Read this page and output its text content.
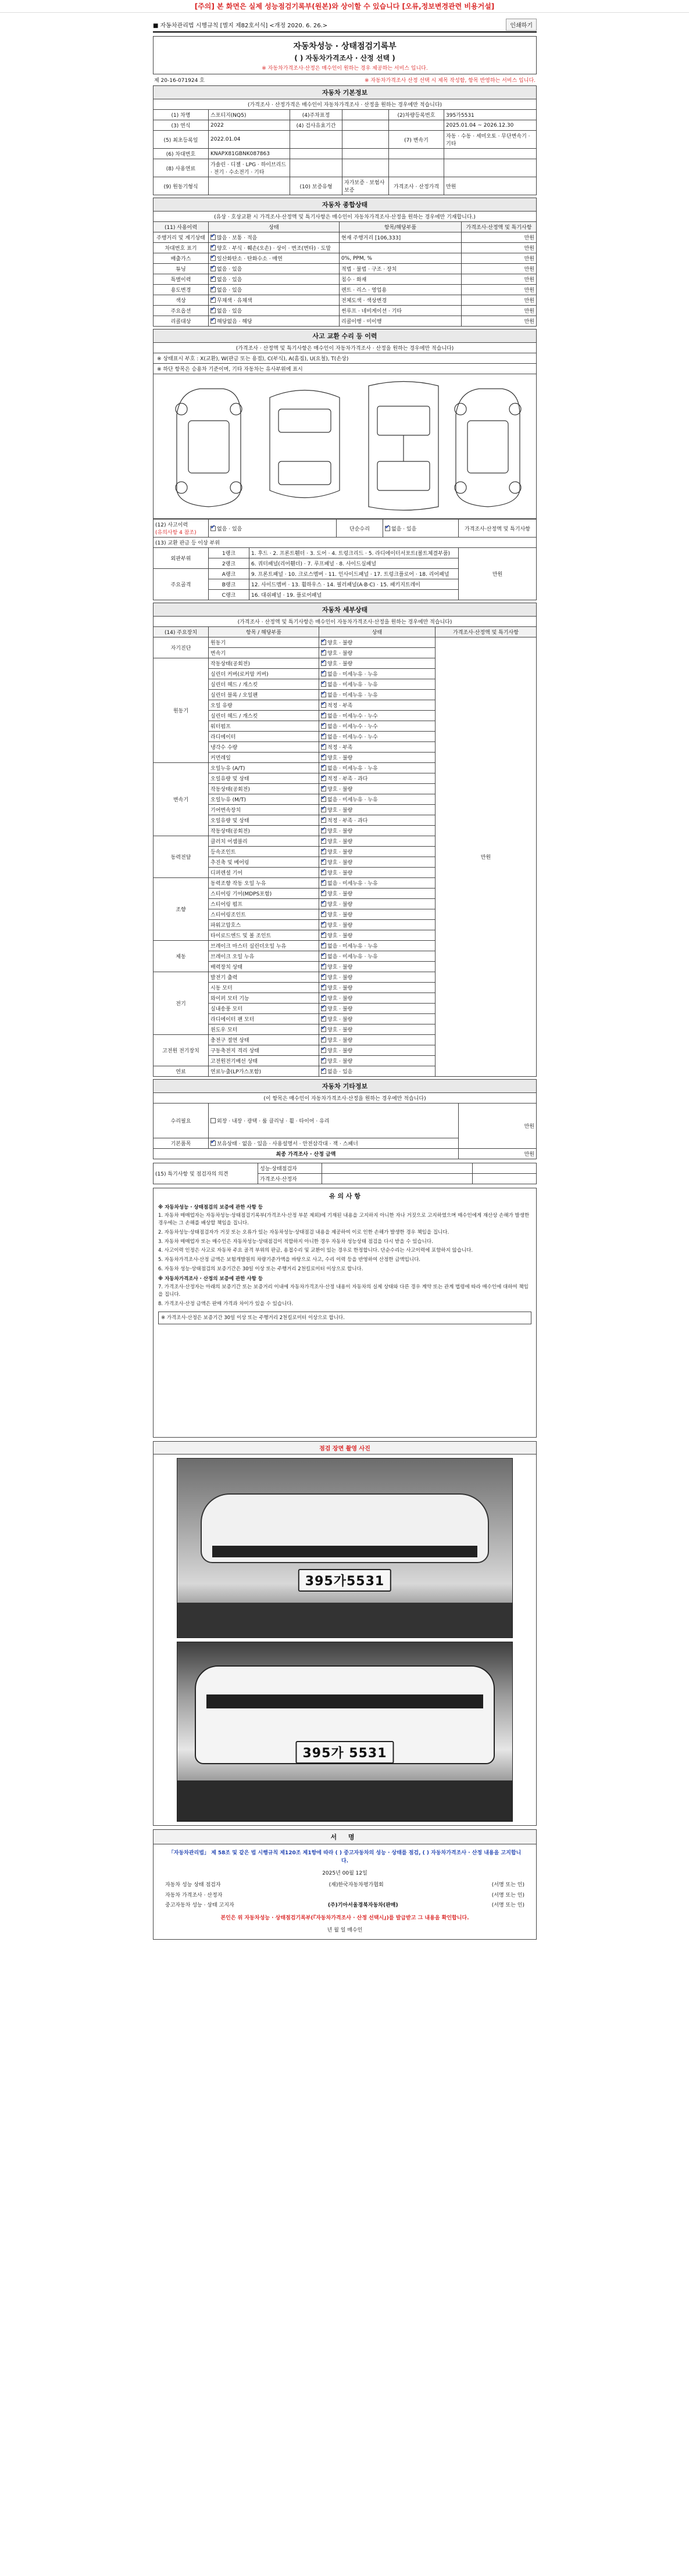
[주의] 본 화면은 실제 성능점검기록부(원본)와 상이할 수 있습니다 [오류,정보변경관련 비용거설]
■ 자동차관리법 시행규칙 [별지 제82호서식] <개정 2020. 6. 26.>	인쇄하기
자동차성능 · 상태점검기록부
( ) 자동차가격조사 · 산정 선택 )
※ 자동차가격조사·산정은 매수인이 원하는 경우 제공하는 서비스 입니다.
제 20-16-071924 호	※ 자동차가격조사 산정 선택 시 제목 작성함, 항목 반영하는 서비스 입니다.
자동차 기본정보
(가격조사 · 산정가격은 매수인이 자동차가격조사 · 산정을 원하는 경우에만 적습니다)
(1) 차명	스포티지(NQ5)	(4)주차표정		(2)차량등록번호	395가5531
(3) 연식	2022	(4) 검사유효기간			2025.01.04 ~ 2026.12.30
(5) 최초등록일	2022.01.04			(7) 변속기	자동 · 수동 · 세미오토 · 무단변속기 · 기타
(6) 차대번호	KNAPX81GBNK087863				
(8) 사용연료	가솔린 · 디젤 · LPG · 하이브리드 · 전기 · 수소전기 · 기타				
(9) 원동기형식		(10) 보증유형	자가보증 · 보험사보증	가격조사 · 산정가격	만원
자동차 종합상태
(유상 · 호상교환 시 가격조사·산정액 및 특기사항은 매수인이 자동차가격조사·산정을 원하는 경우에만 기재합니다.)
(11) 사용이력	상태	항목/해당부품	가격조사·산정액 및 특기사항
주행거리 및 계기상태	✔많음 · 보통 · 적음	현재 주행거리 [106,333]	만원
차대번호 표기	✔양호 · 부식 · 훼손(오손) · 상이 · 변조(변타) · 도말		만원
배출가스	✔일산화탄소 · 탄화수소 · 매연	0%, PPM, %	만원
튜닝	✔없음 · 있음	적법 · 불법 · 구조 · 장치	만원
특별이력	✔없음 · 있음	침수 · 화재	만원
용도변경	✔없음 · 있음	렌트 · 리스 · 영업용	만원
색상	✔무채색 · 유채색	전체도색 · 색상변경	만원
주요옵션	✔없음 · 있음	썬루프 · 네비게이션 · 기타	만원
리콜대상	✔해당없음 · 해당	리콜이행 · 미이행	만원
사고 교환 수리 등 이력
(가격조사 · 산정액 및 특기사항은 매수인이 자동차가격조사 · 산정을 원하는 경우에만 적습니다)
※ 상태표시 부호 : X(교환), W(판금 또는 용접), C(부식), A(흠집), U(요철), T(손상)
※ 하단 항목은 승용차 기준이며, 기타 자동차는 유사부위에 표시
(12) 사고이력
(유의사항 4 참조)	✔없음 · 있음		단순수리	✔없음 · 있음	가격조사·산정액 및 특기사항
(13) 교환 판금 등 이상 부위					
외판부위	1랭크	1. 후드 · 2. 프론트휀더 · 3. 도어 · 4. 트렁크리드 · 5. 라디에이터서포트(볼트체결부품)			만원
	2랭크	6. 쿼터패널(리어휀더) · 7. 루프패널 · 8. 사이드실패널			
주요골격	A랭크	9. 프론트패널 · 10. 크로스멤버 · 11. 인사이드패널 · 17. 트렁크플로어 · 18. 리어패널			
	B랭크	12. 사이드멤버 · 13. 휠하우스 · 14. 필러패널(A·B·C) · 15. 패키지트레이			
	C랭크	16. 대쉬패널 · 19. 플로어패널			
자동차 세부상태
(가격조사 · 산정액 및 특기사항은 매수인이 자동차가격조사·산정을 원하는 경우에만 적습니다)
(14) 주요장치	항목 / 해당부품	상태	가격조사·산정액 및 특기사항
자기진단	원동기	✔양호 · 불량	만원
	변속기	✔양호 · 불량
원동기	작동상태(공회전)	✔양호 · 불량
	실린더 커버(로커암 커버)	✔없음 · 미세누유 · 누유
	실린더 헤드 / 개스킷	✔없음 · 미세누유 · 누유
	실린더 블록 / 오일팬	✔없음 · 미세누유 · 누유
	오일 유량	✔적정 · 부족
	실린더 헤드 / 개스킷	✔없음 · 미세누수 · 누수
	워터펌프	✔없음 · 미세누수 · 누수
	라디에이터	✔없음 · 미세누수 · 누수
	냉각수 수량	✔적정 · 부족
	커먼레일	✔양호 · 불량
변속기	오일누유 (A/T)	✔없음 · 미세누유 · 누유
	오일유량 및 상태	✔적정 · 부족 · 과다
	작동상태(공회전)	✔양호 · 불량
	오일누유 (M/T)	✔없음 · 미세누유 · 누유
	기어변속장치	✔양호 · 불량
	오일유량 및 상태	✔적정 · 부족 · 과다
	작동상태(공회전)	✔양호 · 불량
동력전달	클러치 어셈블리	✔양호 · 불량
	등속조인트	✔양호 · 불량
	추진축 및 베어링	✔양호 · 불량
	디퍼렌셜 기어	✔양호 · 불량
조향	동력조향 작동 오일 누유	✔없음 · 미세누유 · 누유
	스티어링 기어(MDPS포함)	✔양호 · 불량
	스티어링 펌프	✔양호 · 불량
	스티어링조인트	✔양호 · 불량
	파워고압호스	✔양호 · 불량
	타이로드엔드 및 볼 조인트	✔양호 · 불량
제동	브레이크 마스터 실린더오일 누유	✔없음 · 미세누유 · 누유
	브레이크 오일 누유	✔없음 · 미세누유 · 누유
	배력장치 상태	✔양호 · 불량
전기	발전기 출력	✔양호 · 불량
	시동 모터	✔양호 · 불량
	와이퍼 모터 기능	✔양호 · 불량
	실내송풍 모터	✔양호 · 불량
	라디에이터 팬 모터	✔양호 · 불량
	윈도우 모터	✔양호 · 불량
고전원 전기장치	충전구 절연 상태	✔양호 · 불량
	구동축전지 격리 상태	✔양호 · 불량
	고전원전기배선 상태	✔양호 · 불량
연료	연료누출(LP가스포함)	✔없음 · 있음
자동차 기타정보
(이 항목은 매수인이 자동차가격조사·산정을 원하는 경우에만 적습니다)
수리필요	외장 · 내장 · 광택 · 룸 클리닝 · 휠 · 타이어 · 유리	만원
기본품목	✔보유상태 · 없음 · 있음 · 사용설명서 · 안전삼각대 · 잭 · 스패너
최종 가격조사 · 산정 금액		만원
(15) 특기사항 및 점검자의 의견	성능·상태점검자		
	가격조사·산정자		
유 의 사 항
※ 자동차성능 · 상태점검의 보증에 관한 사항 등

1. 자동차 매매업자는 자동차성능·상태점검기록부(가격조사·산정 부분 제외)에 기재된 내용을 고지하지 아니한 자나 거짓으로 고지하였으며 매수인에게 재산상 손해가 발생한 경우에는 그 손해를 배상할 책임을 집니다.

2. 자동차성능·상태점검자가 거짓 또는 오류가 있는 자동차성능·상태점검 내용을 제공하여 이로 인한 손해가 발생한 경우 책임을 집니다.

3. 자동차 매매업자 또는 매수인은 자동차성능·상태점검이 적합하지 아니한 경우 자동차 성능상태 점검을 다시 받을 수 있습니다.

4. 사고이력 인정은 사고로 자동차 주요 골격 부위의 판금, 용접수리 및 교환이 있는 경우로 한정합니다. 단순수리는 사고이력에 포함하지 않습니다.

5. 자동차가격조사·산정 금액은 보험개발원의 차량기준가액을 바탕으로 사고, 수리 이력 등을 반영하여 산정한 금액입니다.

6. 자동차 성능·상태점검의 보증기간은 30일 이상 또는 주행거리 2천킬로미터 이상으로 합니다.

※ 자동차가격조사 · 산정의 보증에 관한 사항 등

7. 가격조사·산정자는 아래의 보증기간 또는 보증거리 이내에 자동차가격조사·산정 내용이 자동차의 실제 상태와 다른 경우 계약 또는 관계 법령에 따라 매수인에 대하여 책임을 집니다.

8. 가격조사·산정 금액은 판매 가격과 차이가 있을 수 있습니다.

※ 가격조사·산정은 보증기간 30일 이상 또는 주행거리 2천킬로미터 이상으로 합니다.

점검 장면 촬영 사진
395가5531
395가 5531
서 명
「자동차관리법」 제 58조 및 같은 법 시행규칙 제120조 제1항에 따라 ( ) 중고자동차의 성능 · 상태를 점검, ( ) 자동차가격조사 · 산정 내용을 고지합니다.
2025년 00월 12일
자동차 성능 상태 점검자	(재)한국자동차평가협회	(서명 또는 인)
자동차 가격조사 · 산정자	(서명 또는 인)
중고자동차 성능 · 상태 고지자	(주)기아서울경북자동차(판매)	(서명 또는 인)
본인은 위 자동차성능 · 상태점검기록부(『자동차가격조사 · 산정 선택시』)를 발급받고 그 내용을 확인합니다.
년 월 일 매수인
